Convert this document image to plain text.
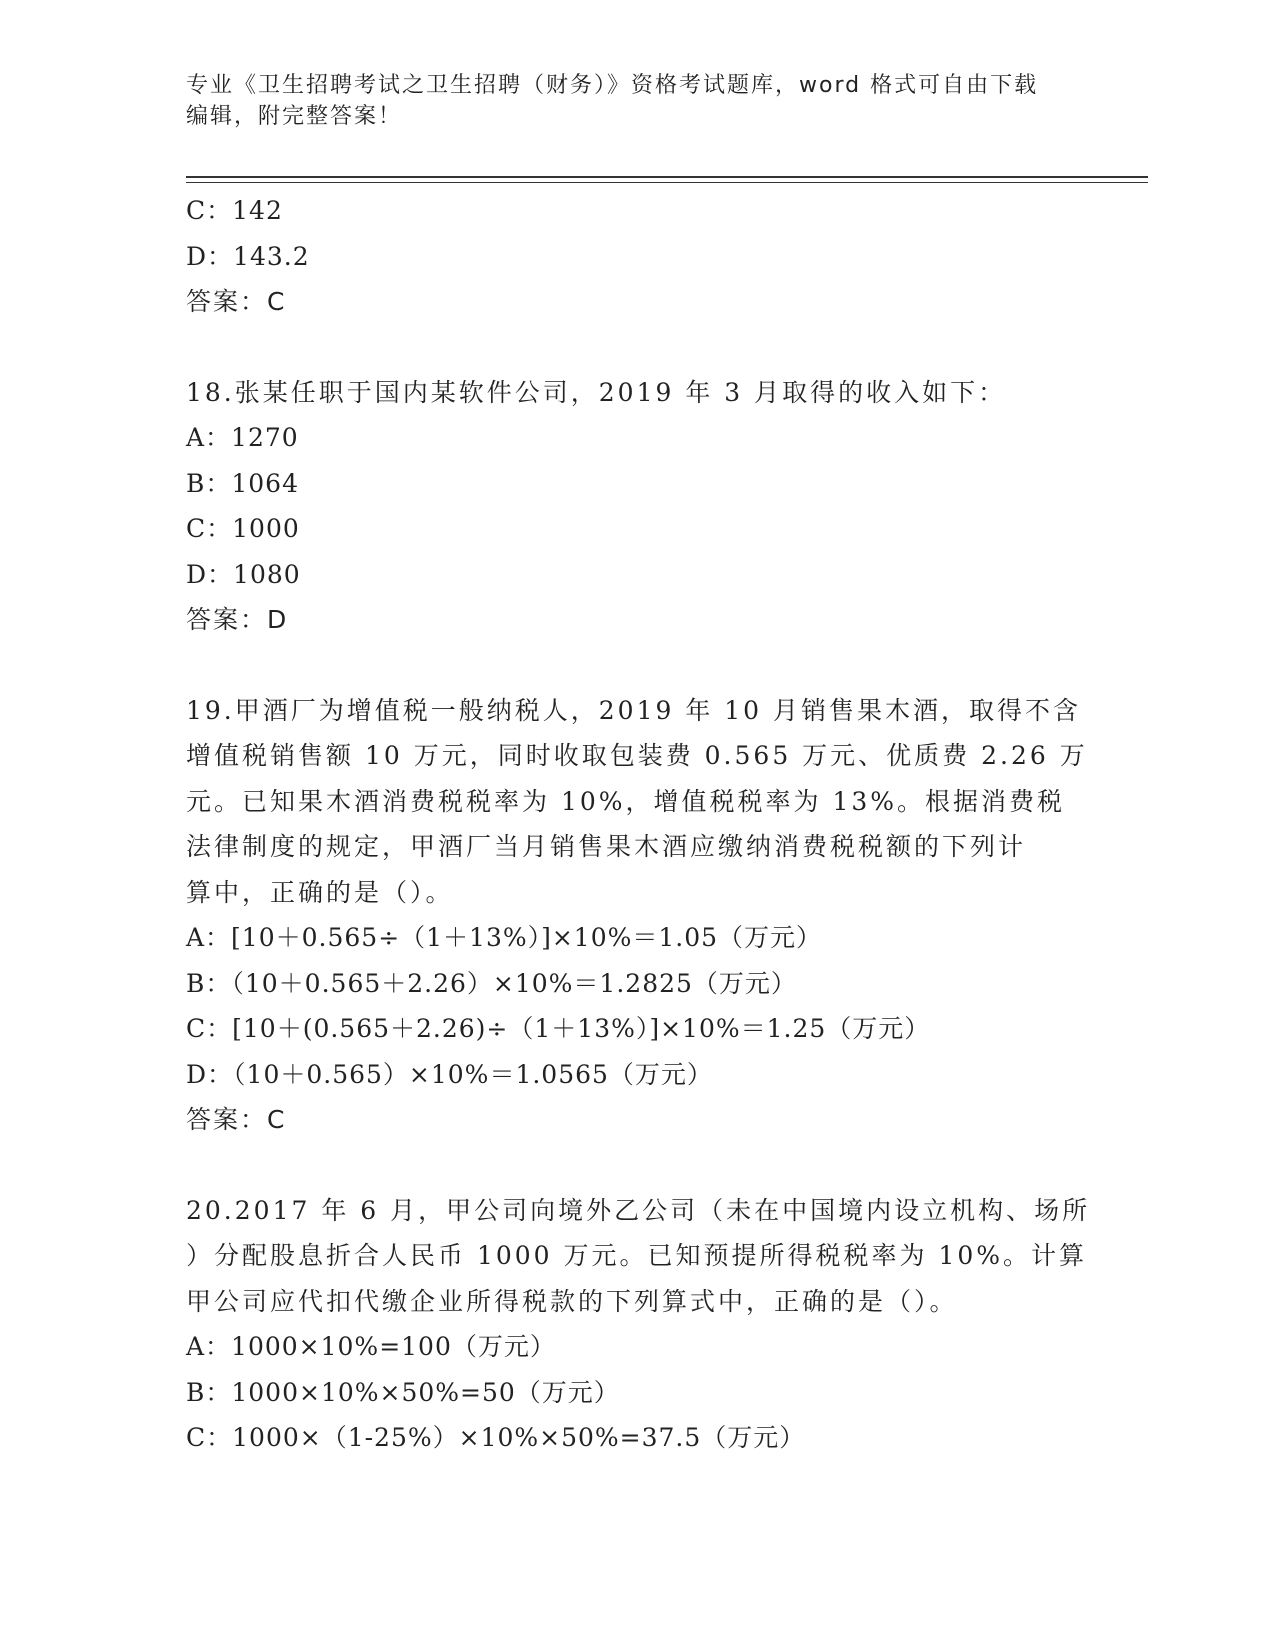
专业《卫生招聘考试之卫生招聘（财务）》资格考试题库，word 格式可自由下载
编辑，附完整答案！
C：142
D：143.2
答案：C
18.张某任职于国内某软件公司，2019 年 3 月取得的收入如下：
A：1270
B：1064
C：1000
D：1080
答案：D
19.甲酒厂为增值税一般纳税人，2019 年 10 月销售果木酒，取得不含
增值税销售额 10 万元，同时收取包装费 0.565 万元、优质费 2.26 万
元。已知果木酒消费税税率为 10%，增值税税率为 13%。根据消费税
法律制度的规定，甲酒厂当月销售果木酒应缴纳消费税税额的下列计
算中，正确的是（）。
A：[10＋0.565÷（1＋13%）]×10%＝1.05（万元）
B：（10＋0.565＋2.26）×10%＝1.2825（万元）
C：[10＋(0.565＋2.26)÷（1＋13%）]×10%＝1.25（万元）
D：（10＋0.565）×10%＝1.0565（万元）
答案：C
20.2017 年 6 月，甲公司向境外乙公司（未在中国境内设立机构、场所
）分配股息折合人民币 1000 万元。已知预提所得税税率为 10%。计算
甲公司应代扣代缴企业所得税款的下列算式中，正确的是（）。
A：1000×10%=100（万元）
B：1000×10%×50%=50（万元）
C：1000×（1-25%）×10%×50%=37.5（万元）
